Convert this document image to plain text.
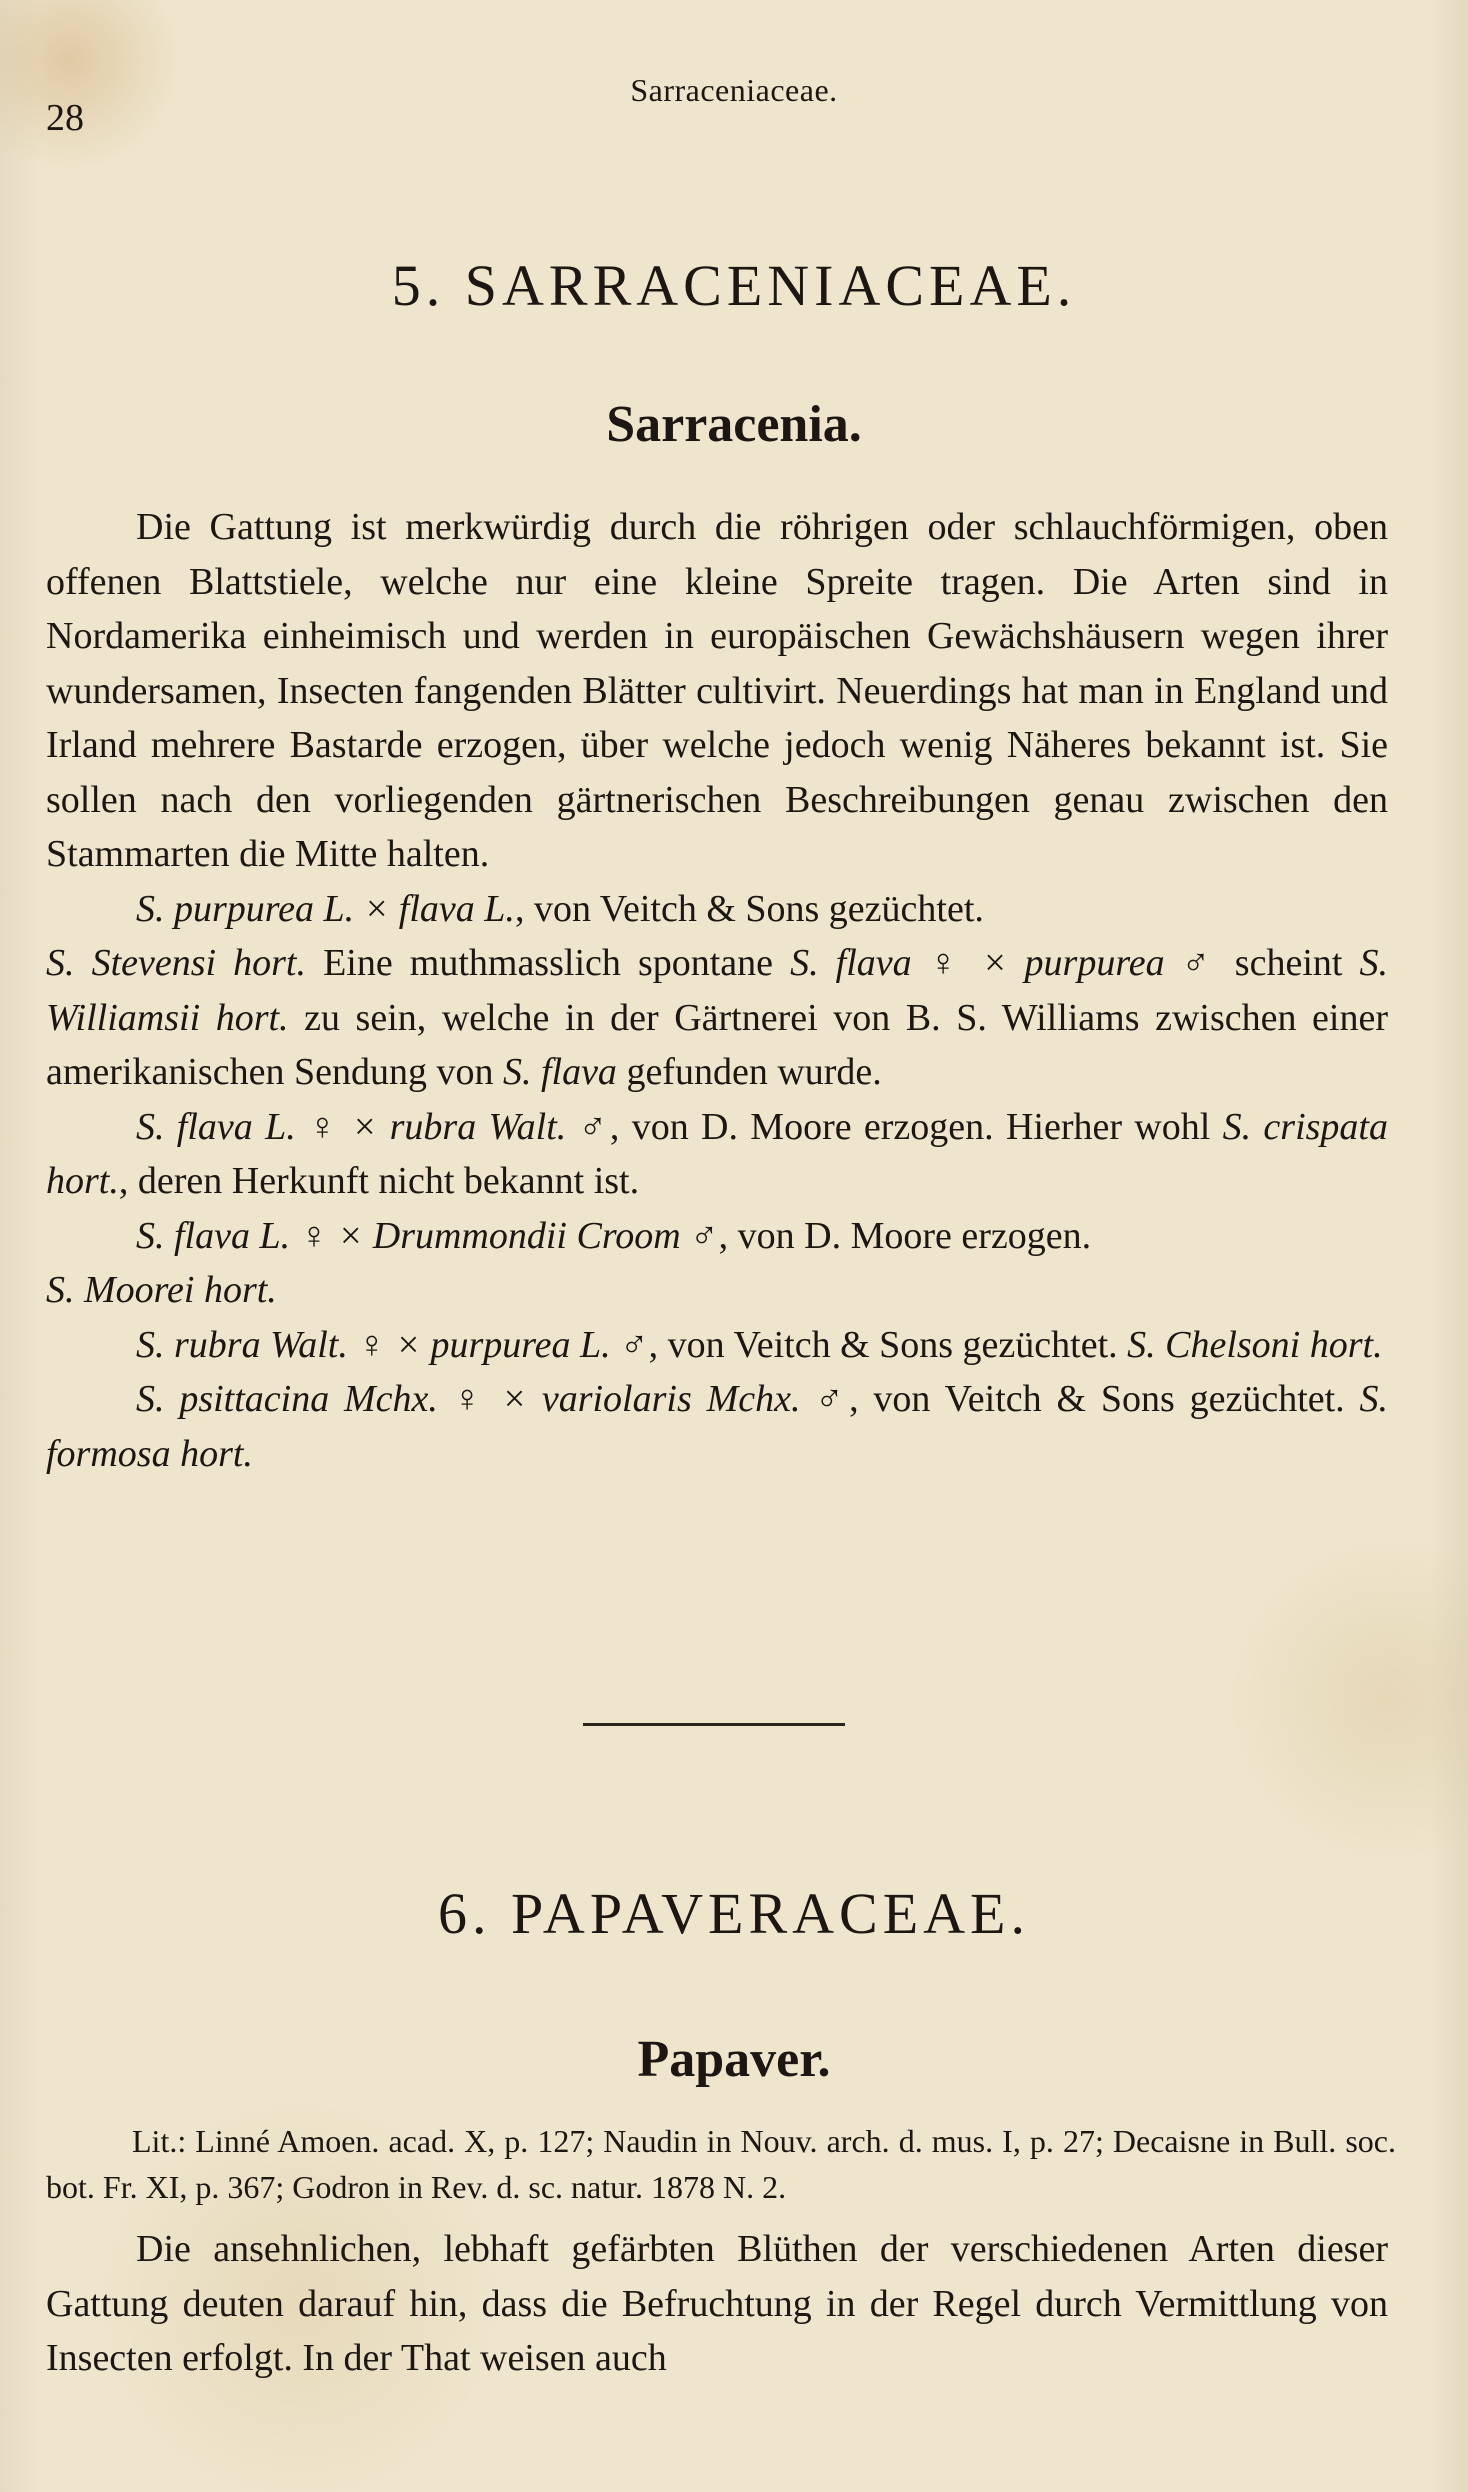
28
Sarraceniaceae.
5. SARRACENIACEAE.
Sarracenia.

Die Gattung ist merkwürdig durch die röhrigen oder schlauchförmigen, oben offenen Blattstiele, welche nur eine kleine Spreite tragen. Die Arten sind in Nordamerika einheimisch und werden in europäischen Gewächshäusern wegen ihrer wundersamen, Insecten fangenden Blätter cultivirt. Neuerdings hat man in England und Irland mehrere Bastarde erzogen, über welche jedoch wenig Näheres bekannt ist. Sie sollen nach den vorliegenden gärtnerischen Beschreibungen genau zwischen den Stammarten die Mitte halten.

S. purpurea L. × flava L., von Veitch & Sons gezüchtet.

S. Stevensi hort. Eine muthmasslich spontane S. flava ♀ × purpurea ♂ scheint S. Williamsii hort. zu sein, welche in der Gärtnerei von B. S. Williams zwischen einer amerikanischen Sendung von S. flava gefunden wurde.

S. flava L. ♀ × rubra Walt. ♂, von D. Moore erzogen. Hierher wohl S. crispata hort., deren Herkunft nicht bekannt ist.

S. flava L. ♀ × Drummondii Croom ♂, von D. Moore erzogen.

S. Moorei hort.

S. rubra Walt. ♀ × purpurea L. ♂, von Veitch & Sons gezüchtet. S. Chelsoni hort.

S. psittacina Mchx. ♀ × variolaris Mchx. ♂, von Veitch & Sons gezüchtet. S. formosa hort.

6. PAPAVERACEAE.
Papaver.

Lit.: Linné Amoen. acad. X, p. 127; Naudin in Nouv. arch. d. mus. I, p. 27; Decaisne in Bull. soc. bot. Fr. XI, p. 367; Godron in Rev. d. sc. natur. 1878 N. 2.

Die ansehnlichen, lebhaft gefärbten Blüthen der verschiedenen Arten dieser Gattung deuten darauf hin, dass die Befruchtung in der Regel durch Vermittlung von Insecten erfolgt. In der That weisen auch
